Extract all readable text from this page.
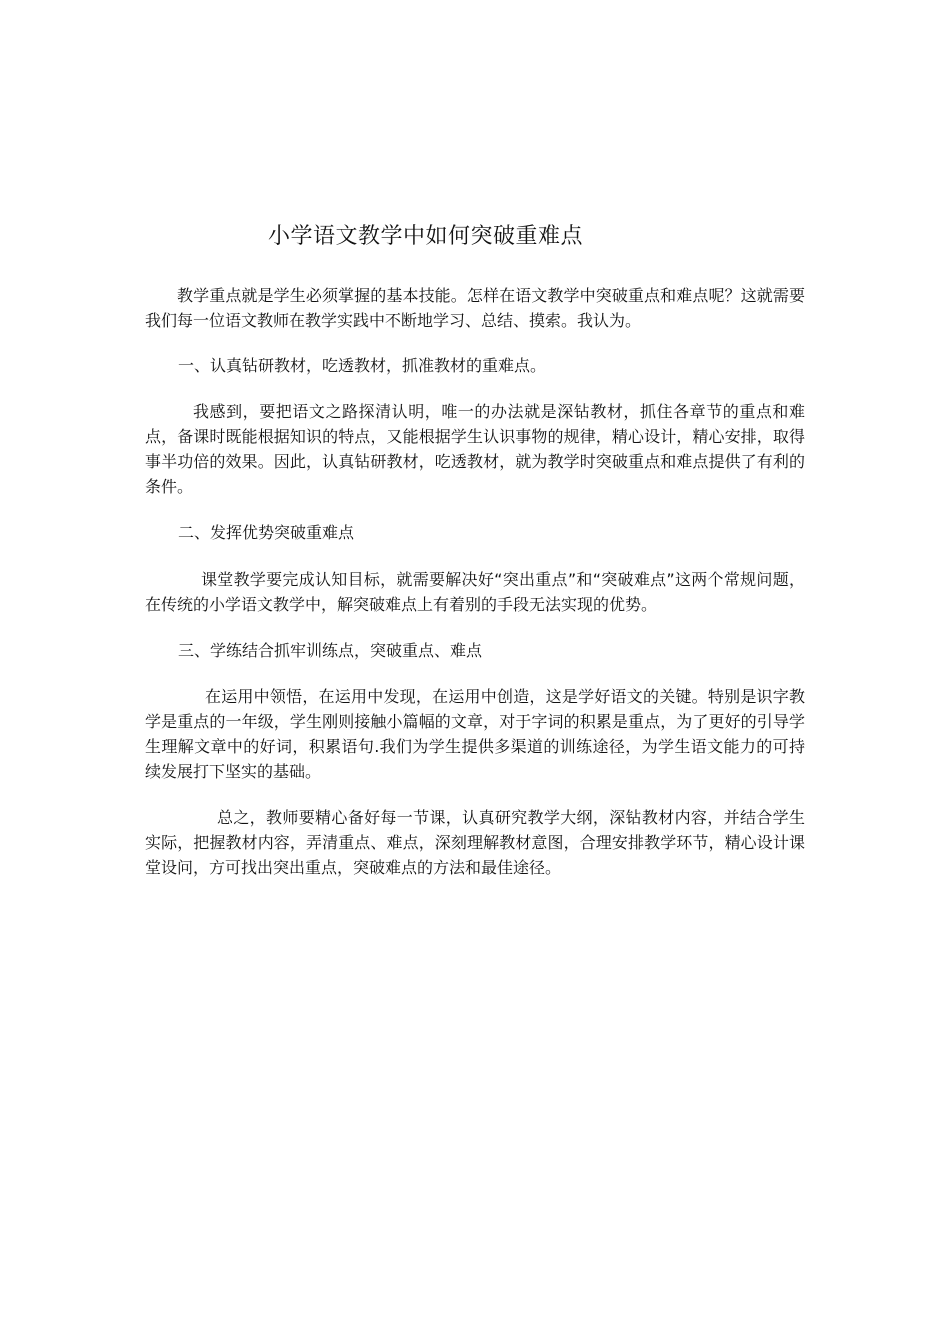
小学语文教学中如何突破重难点

教学重点就是学生必须掌握的基本技能。怎样在语文教学中突破重点和难点呢？这就需要我们每一位语文教师在教学实践中不断地学习、总结、摸索。我认为。

一、认真钻研教材，吃透教材，抓准教材的重难点。

我感到，要把语文之路探清认明，唯一的办法就是深钻教材，抓住各章节的重点和难点，备课时既能根据知识的特点，又能根据学生认识事物的规律，精心设计，精心安排，取得事半功倍的效果。因此，认真钻研教材，吃透教材，就为教学时突破重点和难点提供了有利的条件。

二、发挥优势突破重难点

课堂教学要完成认知目标，就需要解决好“突出重点”和“突破难点”这两个常规问题，在传统的小学语文教学中，解突破难点上有着别的手段无法实现的优势。

三、学练结合抓牢训练点，突破重点、难点

在运用中领悟，在运用中发现，在运用中创造，这是学好语文的关键。特别是识字教学是重点的一年级，学生刚则接触小篇幅的文章，对于字词的积累是重点，为了更好的引导学生理解文章中的好词，积累语句.我们为学生提供多渠道的训练途径，为学生语文能力的可持续发展打下坚实的基础。

总之，教师要精心备好每一节课，认真研究教学大纲，深钻教材内容，并结合学生实际，把握教材内容，弄清重点、难点，深刻理解教材意图，合理安排教学环节，精心设计课堂设问，方可找出突出重点，突破难点的方法和最佳途径。
